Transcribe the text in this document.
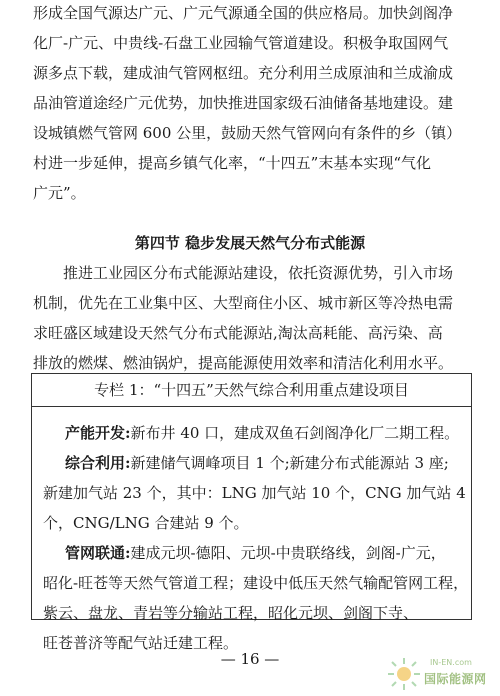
形成全国气源达广元、广元气源通全国的供应格局。加快剑阁净
化厂-广元、中贵线-石盘工业园输气管道建设。积极争取国网气
源多点下载，建成油气管网枢纽。充分利用兰成原油和兰成渝成
品油管道途经广元优势，加快推进国家级石油储备基地建设。建
设城镇燃气管网 600 公里，鼓励天然气管网向有条件的乡（镇）
村进一步延伸，提高乡镇气化率，“十四五”末基本实现“气化
广元”。
第四节 稳步发展天然气分布式能源
推进工业园区分布式能源站建设，依托资源优势，引入市场
机制，优先在工业集中区、大型商住小区、城市新区等冷热电需
求旺盛区域建设天然气分布式能源站,淘汰高耗能、高污染、高
排放的燃煤、燃油锅炉，提高能源使用效率和清洁化利用水平。
专栏 1：“十四五”天然气综合利用重点建设项目
产能开发:新布井 40 口，建成双鱼石剑阁净化厂二期工程。
综合利用:新建储气调峰项目 1 个;新建分布式能源站 3 座;
新建加气站 23 个，其中：LNG 加气站 10 个，CNG 加气站 4
个，CNG/LNG 合建站 9 个。
管网联通:建成元坝-德阳、元坝-中贵联络线，剑阁-广元，
昭化-旺苍等天然气管道工程；建设中低压天然气输配管网工程，
紫云、盘龙、青岩等分输站工程，昭化元坝、剑阁下寺、
旺苍普济等配气站迁建工程。
— 16 —	IN-EN.com
国际能源网
